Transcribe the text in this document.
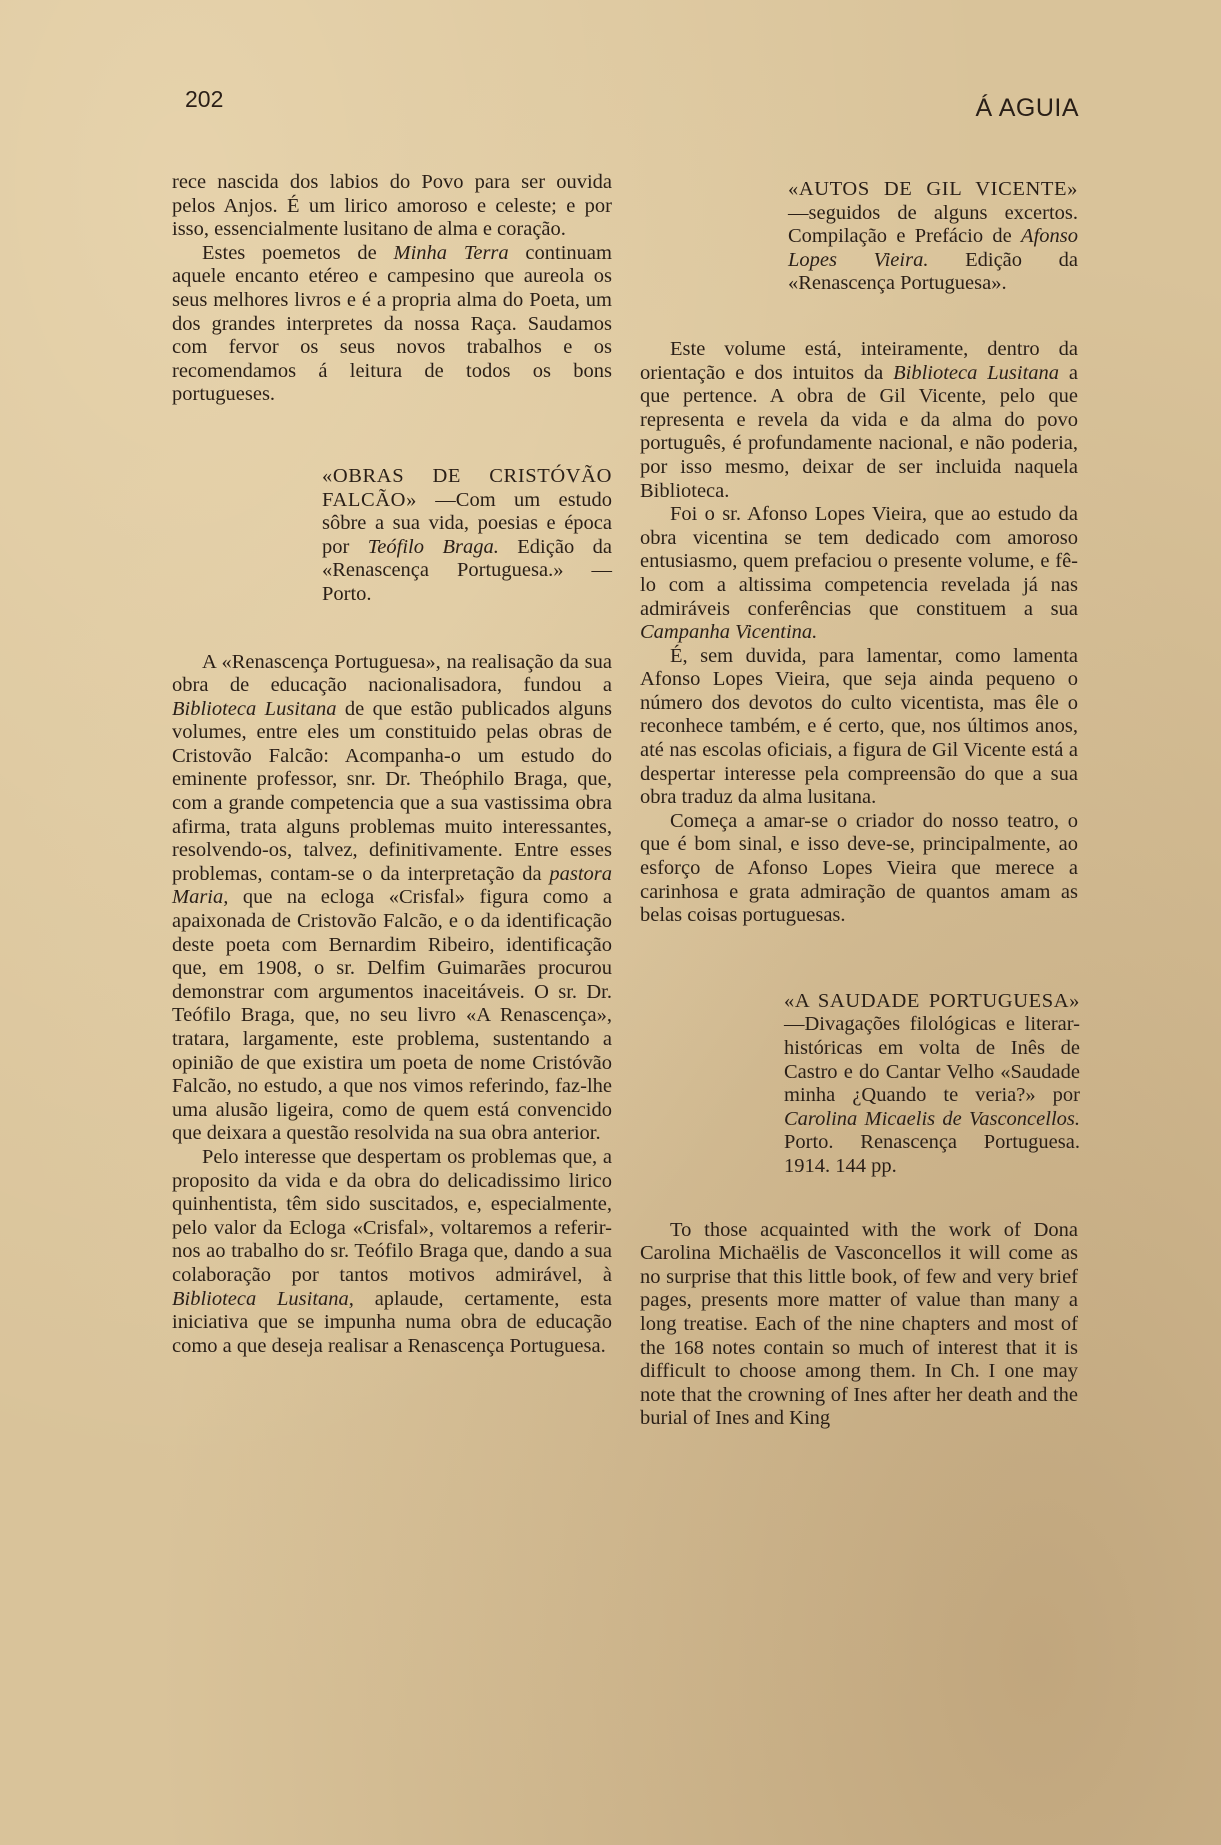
202	Á AGUIA

rece nascida dos labios do Povo para ser ouvida pelos Anjos. É um lirico amoroso e celeste; e por isso, essencialmente lusitano de alma e coração.

Estes poemetos de Minha Terra continuam aquele encanto etéreo e campesino que aureola os seus melhores livros e é a propria alma do Poeta, um dos grandes interpretes da nossa Raça. Saudamos com fervor os seus novos trabalhos e os recomendamos á leitura de todos os bons portugueses.

«OBRAS DE CRISTÓVÃO FALCÃO» —Com um estudo sôbre a sua vida, poesias e época por Teófilo Braga. Edição da «Renascença Portuguesa.» —Porto.

A «Renascença Portuguesa», na realisação da sua obra de educação nacionalisadora, fundou a Biblioteca Lusitana de que estão publicados alguns volumes, entre eles um constituido pelas obras de Cristovão Falcão: Acompanha-o um estudo do eminente professor, snr. Dr. Theóphilo Braga, que, com a grande competencia que a sua vastissima obra afirma, trata alguns problemas muito interessantes, resolvendo-os, talvez, definitivamente. Entre esses problemas, contam-se o da interpretação da pastora Maria, que na ecloga «Crisfal» figura como a apaixonada de Cristovão Falcão, e o da identificação deste poeta com Bernardim Ribeiro, identificação que, em 1908, o sr. Delfim Guimarães procurou demonstrar com argumentos inaceitáveis. O sr. Dr. Teófilo Braga, que, no seu livro «A Renascença», tratara, largamente, este problema, sustentando a opinião de que existira um poeta de nome Cristóvão Falcão, no estudo, a que nos vimos referindo, faz-lhe uma alusão ligeira, como de quem está convencido que deixara a questão resolvida na sua obra anterior.

Pelo interesse que despertam os problemas que, a proposito da vida e da obra do delicadissimo lirico quinhentista, têm sido suscitados, e, especialmente, pelo valor da Ecloga «Crisfal», voltaremos a referir-nos ao trabalho do sr. Teófilo Braga que, dando a sua colaboração por tantos motivos admirável, à Biblioteca Lusitana, aplaude, certamente, esta iniciativa que se impunha numa obra de educação como a que deseja realisar a Renascença Portuguesa.

«AUTOS DE GIL VICENTE» —seguidos de alguns excertos. Compilação e Prefácio de Afonso Lopes Vieira. Edição da «Renascença Portuguesa».

Este volume está, inteiramente, dentro da orientação e dos intuitos da Biblioteca Lusitana a que pertence. A obra de Gil Vicente, pelo que representa e revela da vida e da alma do povo português, é profundamente nacional, e não poderia, por isso mesmo, deixar de ser incluida naquela Biblioteca.

Foi o sr. Afonso Lopes Vieira, que ao estudo da obra vicentina se tem dedicado com amoroso entusiasmo, quem prefaciou o presente volume, e fê-lo com a altissima competencia revelada já nas admiráveis conferências que constituem a sua Campanha Vicentina.

É, sem duvida, para lamentar, como lamenta Afonso Lopes Vieira, que seja ainda pequeno o número dos devotos do culto vicentista, mas êle o reconhece também, e é certo, que, nos últimos anos, até nas escolas oficiais, a figura de Gil Vicente está a despertar interesse pela compreensão do que a sua obra traduz da alma lusitana.

Começa a amar-se o criador do nosso teatro, o que é bom sinal, e isso deve-se, principalmente, ao esforço de Afonso Lopes Vieira que merece a carinhosa e grata admiração de quantos amam as belas coisas portuguesas.

«A SAUDADE PORTUGUESA» —Divagações filológicas e literar-históricas em volta de Inês de Castro e do Cantar Velho «Saudade minha ¿Quando te veria?» por Carolina Micaelis de Vasconcellos. Porto. Renascença Portuguesa. 1914. 144 pp.

To those acquainted with the work of Dona Carolina Michaëlis de Vasconcellos it will come as no surprise that this little book, of few and very brief pages, presents more matter of value than many a long treatise. Each of the nine chapters and most of the 168 notes contain so much of interest that it is difficult to choose among them. In Ch. I one may note that the crowning of Ines after her death and the burial of Ines and King
